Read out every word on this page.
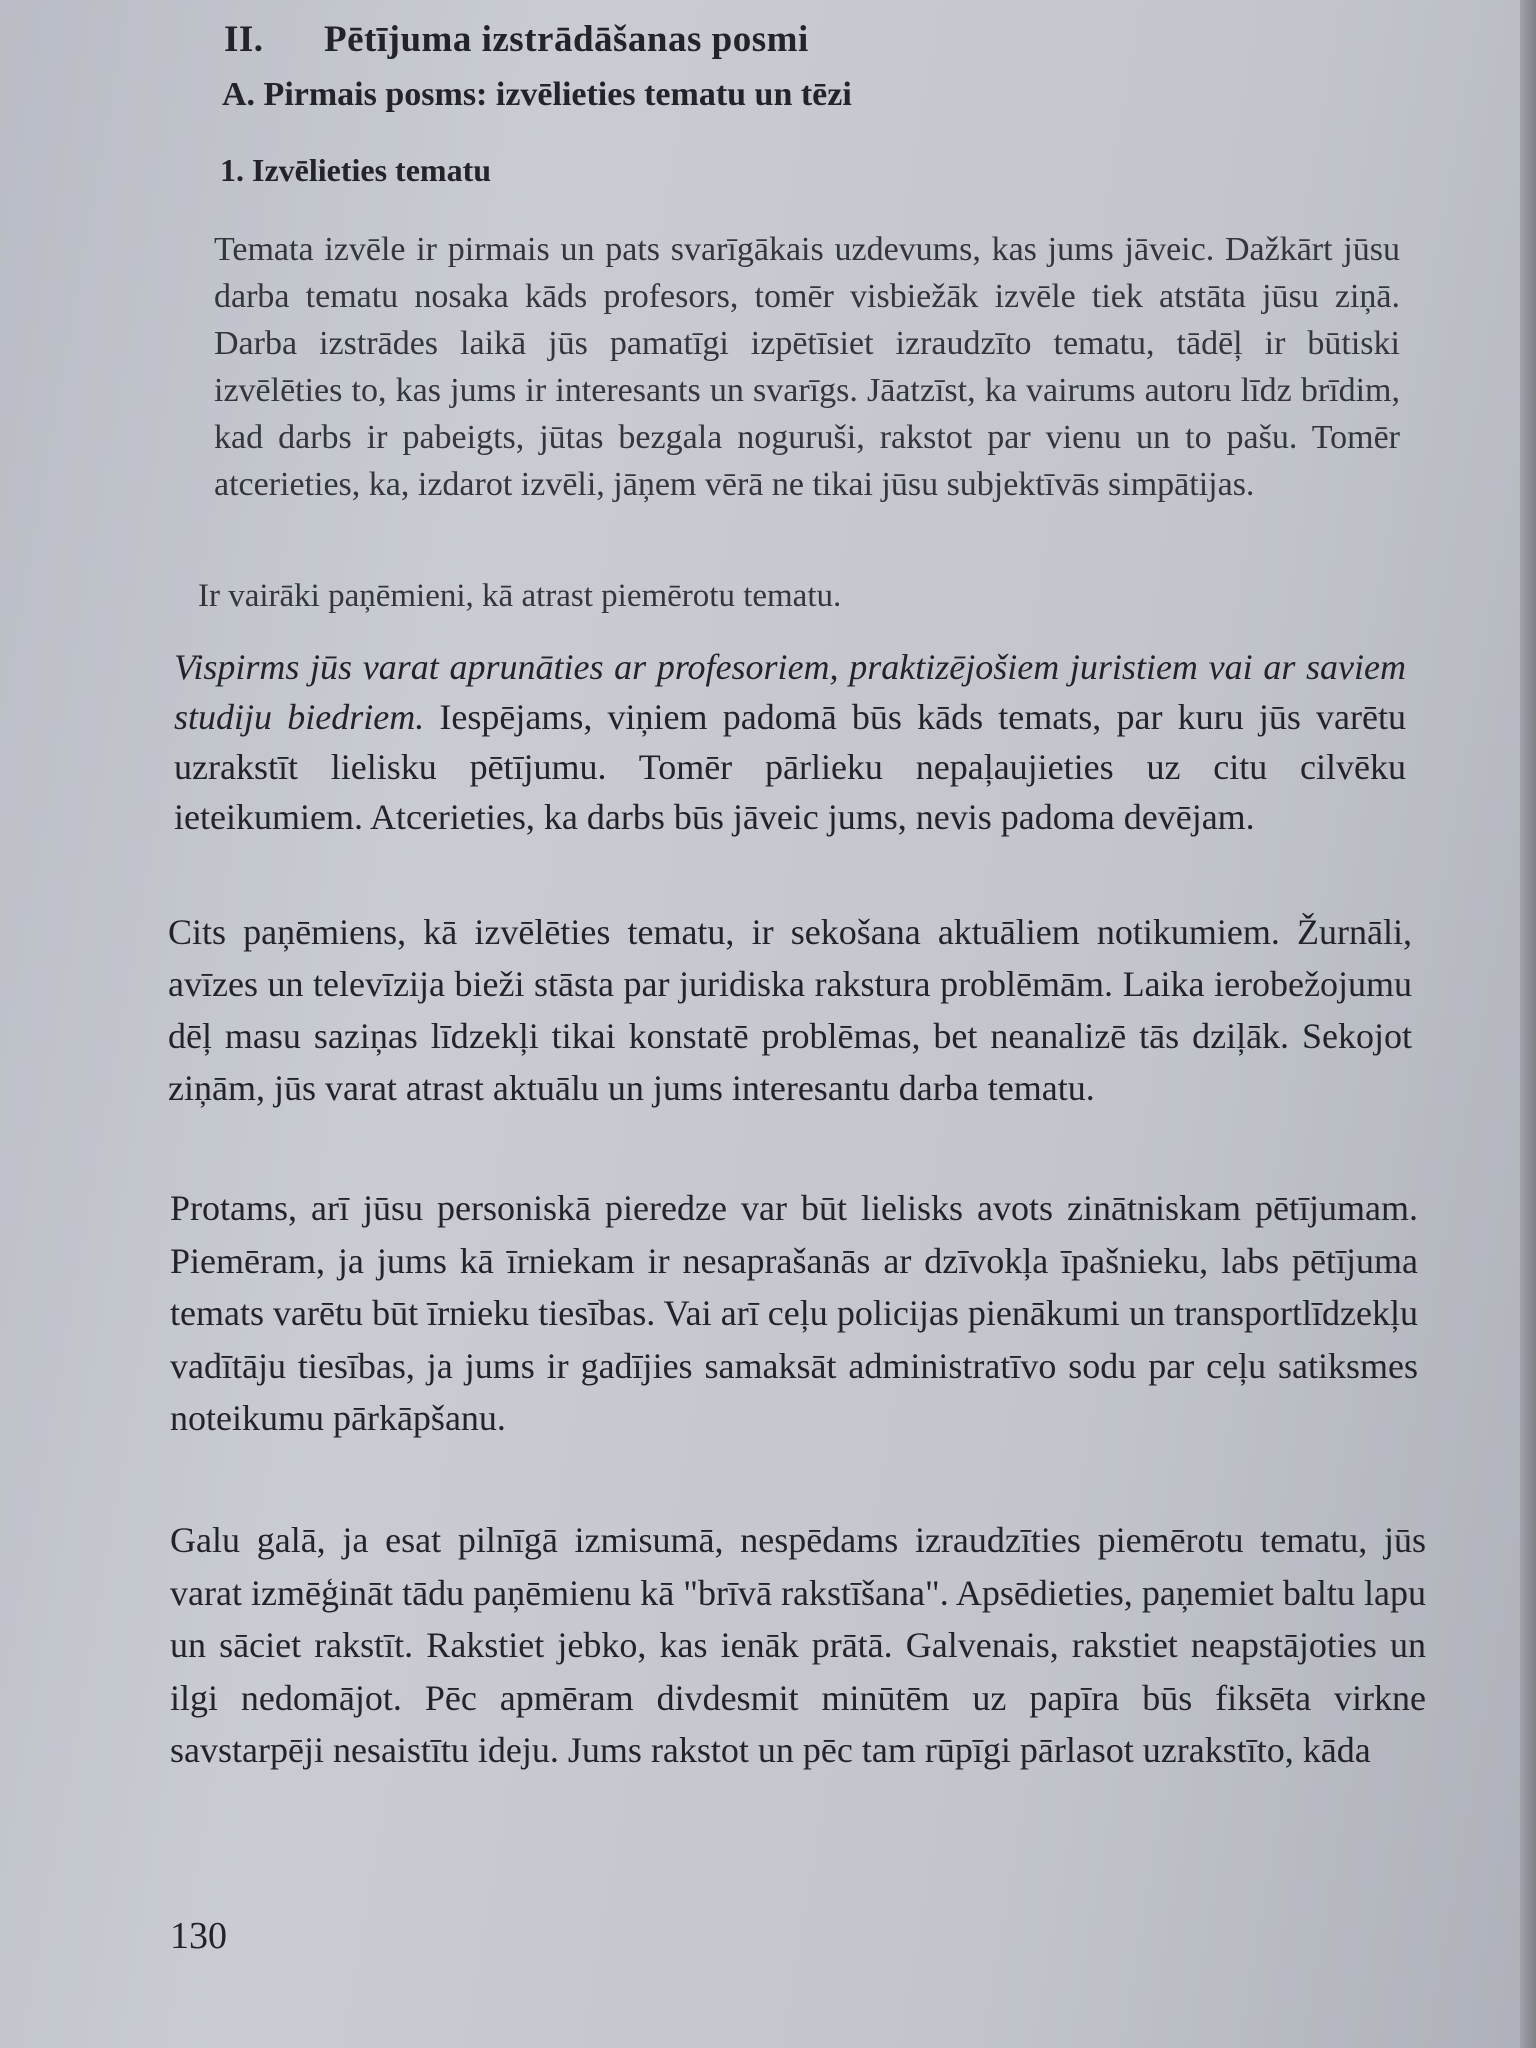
II. Pētījuma izstrādāšanas posmi
A. Pirmais posms: izvēlieties tematu un tēzi
1. Izvēlieties tematu

Temata izvēle ir pirmais un pats svarīgākais uzdevums, kas jums jāveic. Dažkārt jūsu darba tematu nosaka kāds profesors, tomēr visbiežāk izvēle tiek atstāta jūsu ziņā. Darba izstrādes laikā jūs pamatīgi izpētīsiet izraudzīto tematu, tādēļ ir būtiski izvēlēties to, kas jums ir interesants un svarīgs. Jāatzīst, ka vairums autoru līdz brīdim, kad darbs ir pabeigts, jūtas bezgala noguruši, rakstot par vienu un to pašu. Tomēr atcerieties, ka, izdarot izvēli, jāņem vērā ne tikai jūsu subjektīvās simpātijas.

Ir vairāki paņēmieni, kā atrast piemērotu tematu.

Vispirms jūs varat aprunāties ar profesoriem, praktizējošiem juristiem vai ar saviem studiju biedriem. Iespējams, viņiem padomā būs kāds temats, par kuru jūs varētu uzrakstīt lielisku pētījumu. Tomēr pārlieku nepaļaujieties uz citu cilvēku ieteikumiem. Atcerieties, ka darbs būs jāveic jums, nevis padoma devējam.

Cits paņēmiens, kā izvēlēties tematu, ir sekošana aktuāliem notikumiem. Žurnāli, avīzes un televīzija bieži stāsta par juridiska rakstura problēmām. Laika ierobežojumu dēļ masu saziņas līdzekļi tikai konstatē problēmas, bet neanalizē tās dziļāk. Sekojot ziņām, jūs varat atrast aktuālu un jums interesantu darba tematu.

Protams, arī jūsu personiskā pieredze var būt lielisks avots zinātniskam pētījumam. Piemēram, ja jums kā īrniekam ir nesaprašanās ar dzīvokļa īpašnieku, labs pētījuma temats varētu būt īrnieku tiesības. Vai arī ceļu policijas pienākumi un transportlīdzekļu vadītāju tiesības, ja jums ir gadījies samaksāt administratīvo sodu par ceļu satiksmes noteikumu pārkāpšanu.

Galu galā, ja esat pilnīgā izmisumā, nespēdams izraudzīties piemērotu tematu, jūs varat izmēģināt tādu paņēmienu kā "brīvā rakstīšana". Apsēdieties, paņemiet baltu lapu un sāciet rakstīt. Rakstiet jebko, kas ienāk prātā. Galvenais, rakstiet neapstājoties un ilgi nedomājot. Pēc apmēram divdesmit minūtēm uz papīra būs fiksēta virkne savstarpēji nesaistītu ideju. Jums rakstot un pēc tam rūpīgi pārlasot uzrakstīto, kāda

130
